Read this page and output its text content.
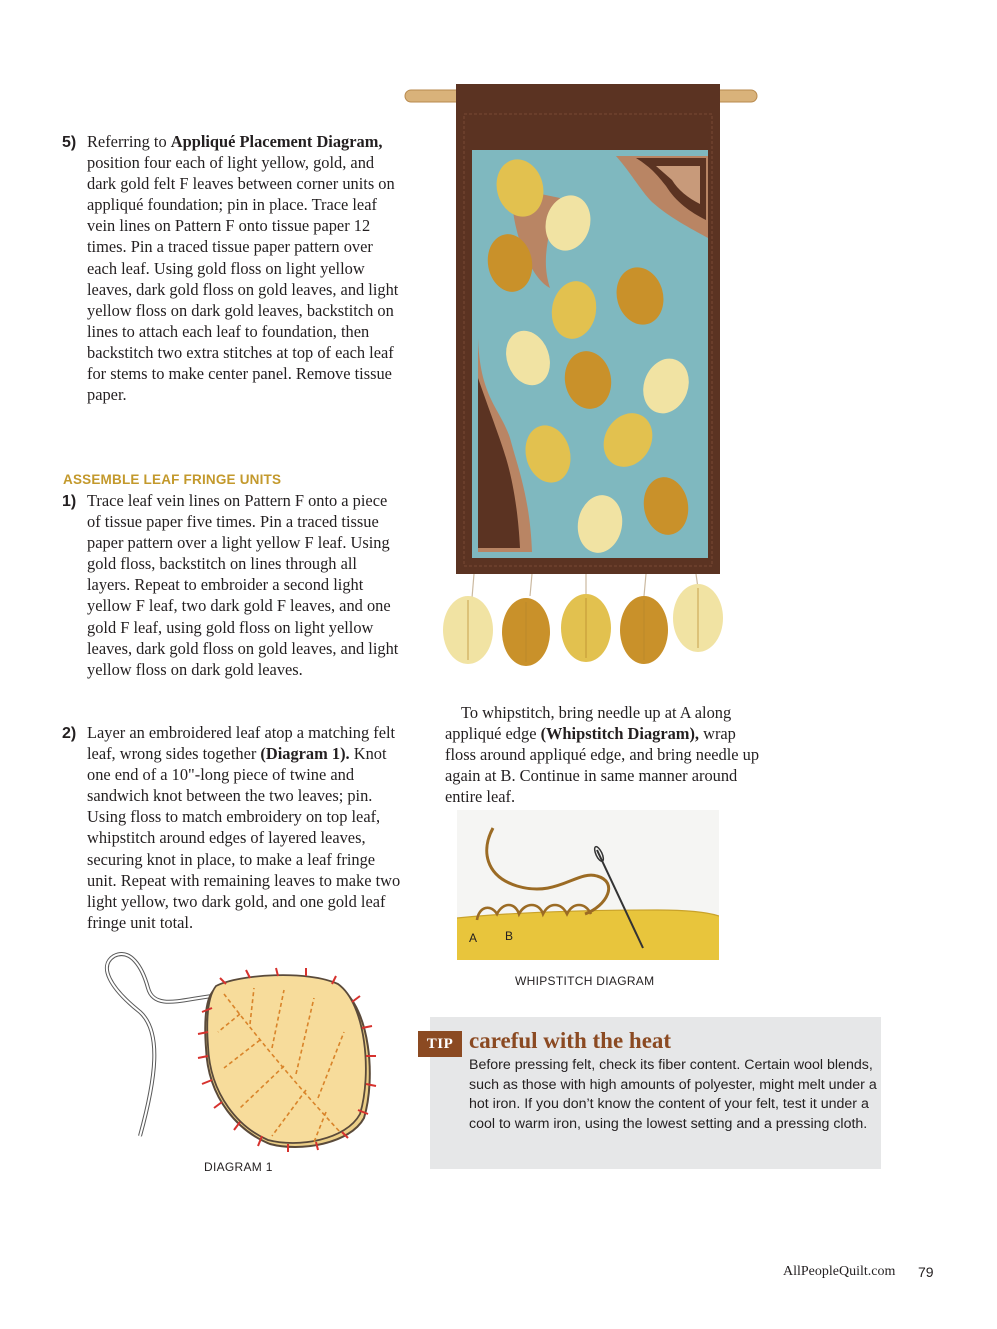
5) Referring to Appliqué Placement Diagram, position four each of light yellow, gold, and dark gold felt F leaves between corner units on appliqué foundation; pin in place. Trace leaf vein lines on Pattern F onto tissue paper 12 times. Pin a traced tissue paper pattern over each leaf. Using gold floss on light yellow leaves, dark gold floss on gold leaves, and light yellow floss on dark gold leaves, backstitch on lines to attach each leaf to foundation, then backstitch two extra stitches at top of each leaf for stems to make center panel. Remove tissue paper.
ASSEMBLE LEAF FRINGE UNITS
1) Trace leaf vein lines on Pattern F onto a piece of tissue paper five times. Pin a traced tissue paper pattern over a light yellow F leaf. Using gold floss, backstitch on lines through all layers. Repeat to embroider a second light yellow F leaf, two dark gold F leaves, and one gold F leaf, using gold floss on light yellow leaves, dark gold floss on gold leaves, and light yellow floss on dark gold leaves.
2) Layer an embroidered leaf atop a matching felt leaf, wrong sides together (Diagram 1). Knot one end of a 10"-long piece of twine and sandwich knot between the two leaves; pin. Using floss to match embroidery on top leaf, whipstitch around edges of layered leaves, securing knot in place, to make a leaf fringe unit. Repeat with remaining leaves to make two light yellow, two dark gold, and one gold leaf fringe unit total.
To whipstitch, bring needle up at A along appliqué edge (Whipstitch Diagram), wrap floss around appliqué edge, and bring needle up again at B. Continue in same manner around entire leaf.
A B
WHIPSTITCH DIAGRAM
DIAGRAM 1
TIP careful with the heat
Before pressing felt, check its fiber content. Certain wool blends, such as those with high amounts of polyester, might melt under a hot iron. If you don’t know the content of your felt, test it under a cool to warm iron, using the lowest setting and a pressing cloth.
AllPeopleQuilt.com 79
